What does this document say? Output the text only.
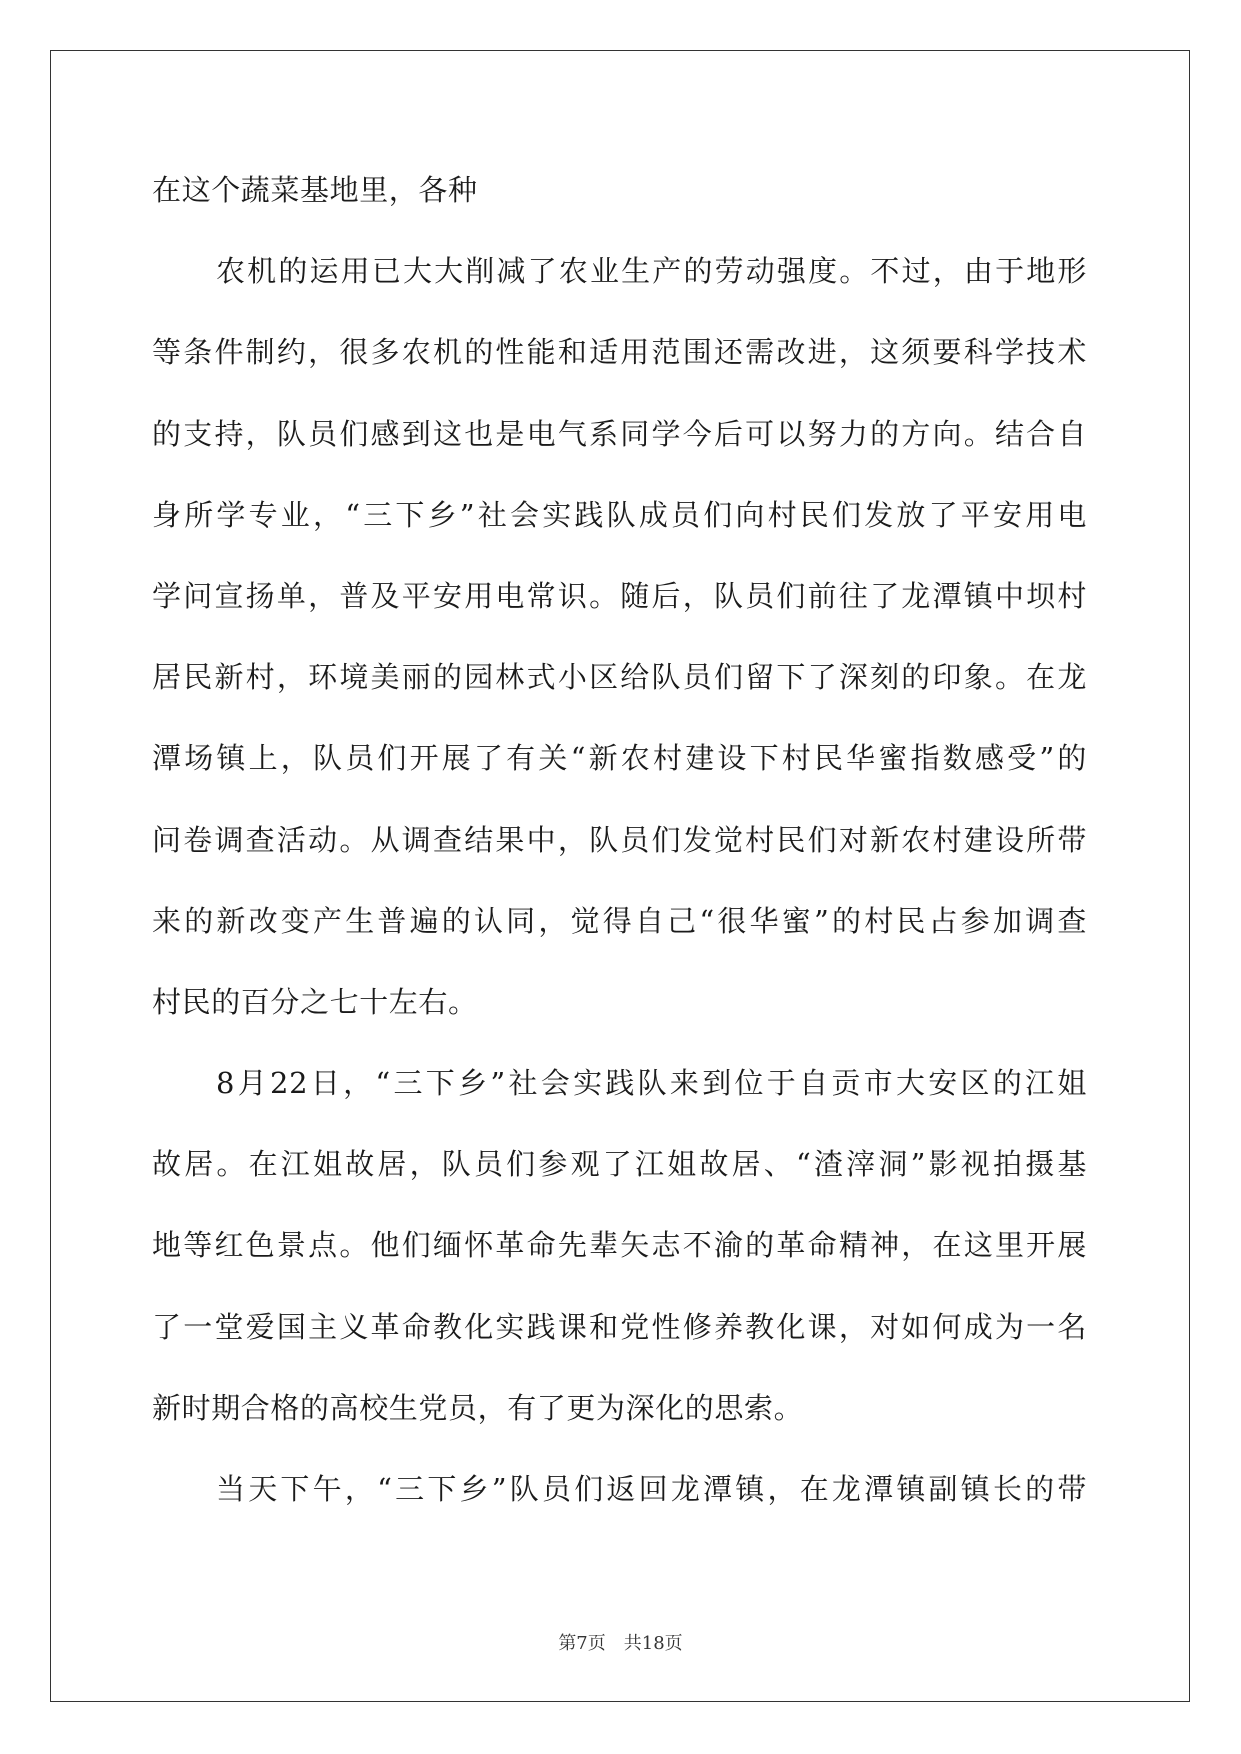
在这个蔬菜基地里，各种
农机的运用已大大削减了农业生产的劳动强度。不过，由于地形
等条件制约，很多农机的性能和适用范围还需改进，这须要科学技术
的支持，队员们感到这也是电气系同学今后可以努力的方向。结合自
身所学专业，“三下乡”社会实践队成员们向村民们发放了平安用电
学问宣扬单，普及平安用电常识。随后，队员们前往了龙潭镇中坝村
居民新村，环境美丽的园林式小区给队员们留下了深刻的印象。在龙
潭场镇上，队员们开展了有关“新农村建设下村民华蜜指数感受”的
问卷调查活动。从调查结果中，队员们发觉村民们对新农村建设所带
来的新改变产生普遍的认同，觉得自己“很华蜜”的村民占参加调查
村民的百分之七十左右。
8月22日，“三下乡”社会实践队来到位于自贡市大安区的江姐
故居。在江姐故居，队员们参观了江姐故居、“渣滓洞”影视拍摄基
地等红色景点。他们缅怀革命先辈矢志不渝的革命精神，在这里开展
了一堂爱国主义革命教化实践课和党性修养教化课，对如何成为一名
新时期合格的高校生党员，有了更为深化的思索。
当天下午，“三下乡”队员们返回龙潭镇，在龙潭镇副镇长的带
第7页　共18页
